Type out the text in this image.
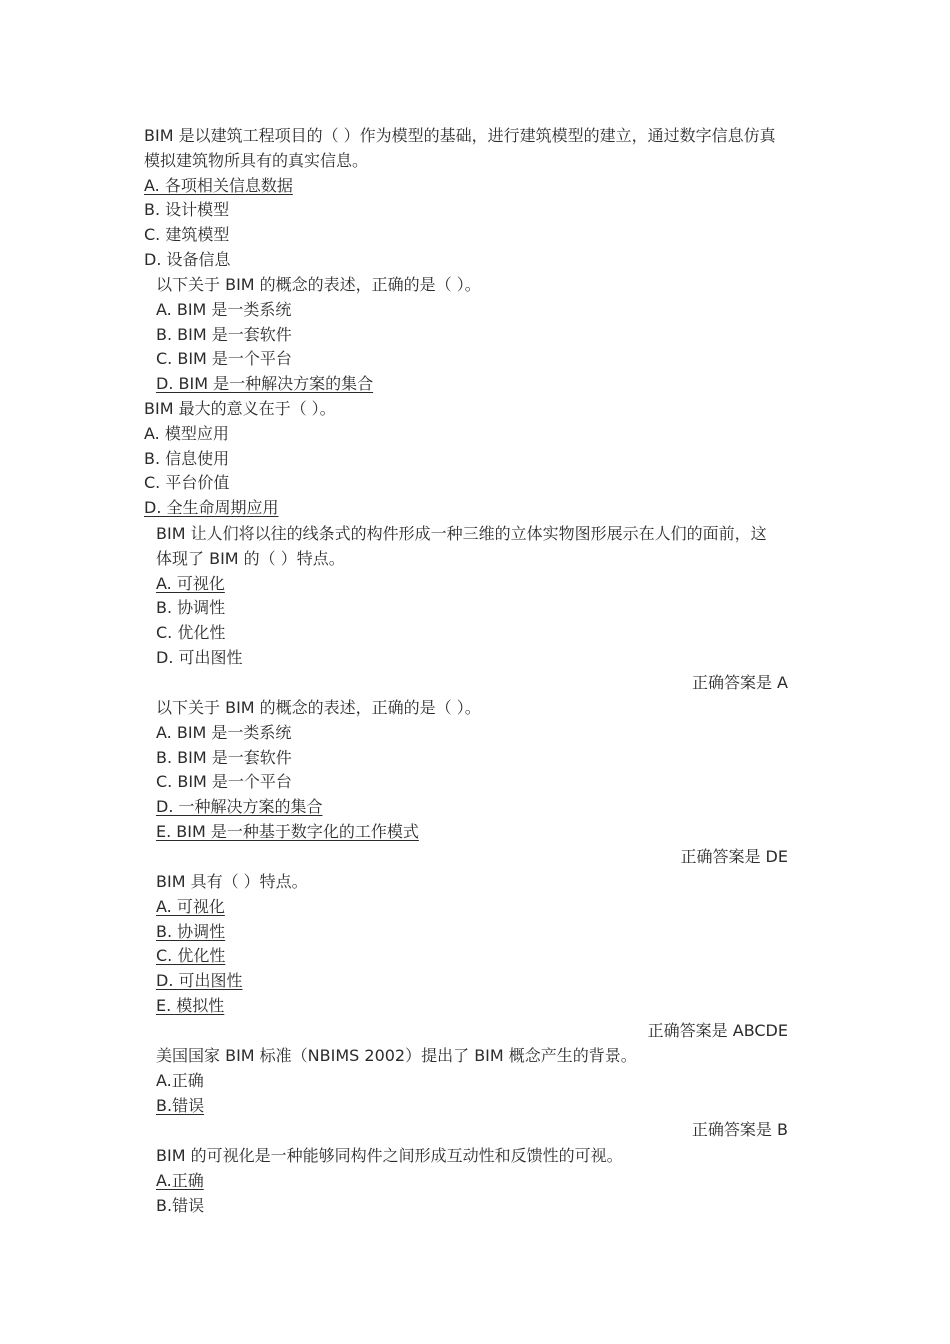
BIM 是以建筑工程项目的（ ）作为模型的基础，进行建筑模型的建立，通过数字信息仿真
模拟建筑物所具有的真实信息。
A. 各项相关信息数据
B. 设计模型
C. 建筑模型
D. 设备信息
以下关于 BIM 的概念的表述，正确的是（ ）。
A. BIM 是一类系统
B. BIM 是一套软件
C. BIM 是一个平台
D. BIM 是一种解决方案的集合
BIM 最大的意义在于（ ）。
A. 模型应用
B. 信息使用
C. 平台价值
D. 全生命周期应用
BIM 让人们将以往的线条式的构件形成一种三维的立体实物图形展示在人们的面前，这
体现了 BIM 的（ ）特点。
A. 可视化
B. 协调性
C. 优化性
D. 可出图性
正确答案是 A
以下关于 BIM 的概念的表述，正确的是（ ）。
A. BIM 是一类系统
B. BIM 是一套软件
C. BIM 是一个平台
D. 一种解决方案的集合
E. BIM 是一种基于数字化的工作模式
正确答案是 DE
BIM 具有（ ）特点。
A. 可视化
B. 协调性
C. 优化性
D. 可出图性
E. 模拟性
正确答案是 ABCDE
美国国家 BIM 标准（NBIMS 2002）提出了 BIM 概念产生的背景。
A.正确
B.错误
正确答案是 B
BIM 的可视化是一种能够同构件之间形成互动性和反馈性的可视。
A.正确
B.错误
